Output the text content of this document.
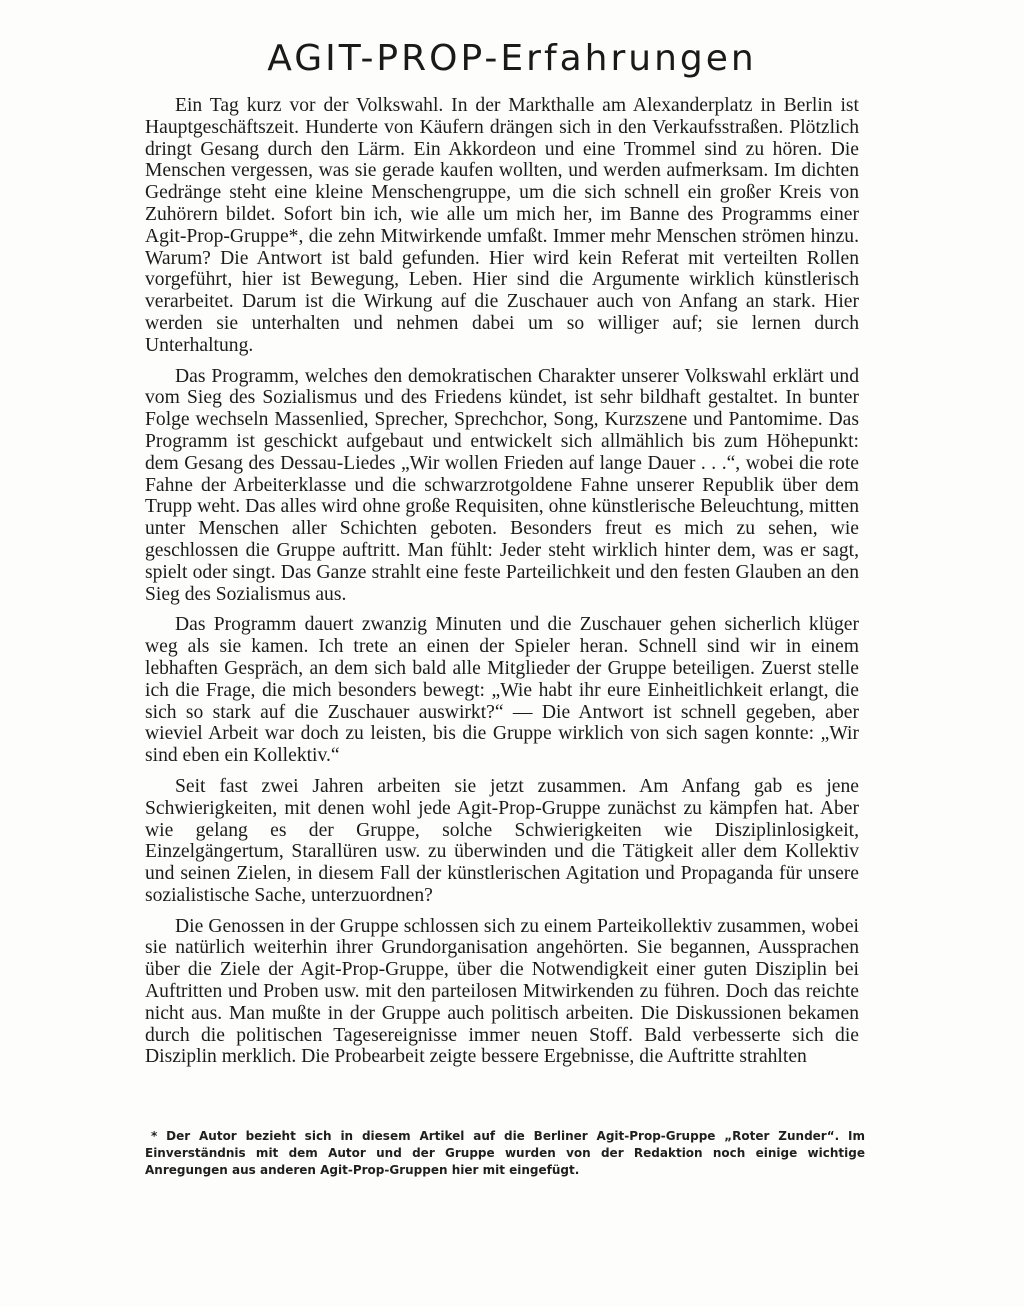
AGIT-PROP-Erfahrungen

Ein Tag kurz vor der Volkswahl. In der Markthalle am Alexanderplatz in Berlin ist Hauptgeschäftszeit. Hunderte von Käufern drängen sich in den Verkaufsstraßen. Plötzlich dringt Gesang durch den Lärm. Ein Akkordeon und eine Trommel sind zu hören. Die Menschen vergessen, was sie gerade kaufen wollten, und werden aufmerksam. Im dichten Gedränge steht eine kleine Menschengruppe, um die sich schnell ein großer Kreis von Zuhörern bildet. Sofort bin ich, wie alle um mich her, im Banne des Programms einer Agit-Prop-Gruppe*, die zehn Mitwirkende umfaßt. Immer mehr Menschen strömen hinzu. Warum? Die Antwort ist bald gefunden. Hier wird kein Referat mit verteilten Rollen vorgeführt, hier ist Bewegung, Leben. Hier sind die Argumente wirklich künstlerisch verarbeitet. Darum ist die Wirkung auf die Zuschauer auch von Anfang an stark. Hier werden sie unterhalten und nehmen dabei um so williger auf; sie lernen durch Unterhaltung.

Das Programm, welches den demokratischen Charakter unserer Volkswahl erklärt und vom Sieg des Sozialismus und des Friedens kündet, ist sehr bildhaft gestaltet. In bunter Folge wechseln Massenlied, Sprecher, Sprechchor, Song, Kurzszene und Pantomime. Das Programm ist geschickt aufgebaut und entwickelt sich allmählich bis zum Höhepunkt: dem Gesang des Dessau-Liedes „Wir wollen Frieden auf lange Dauer . . .“, wobei die rote Fahne der Arbeiterklasse und die schwarzrotgoldene Fahne unserer Republik über dem Trupp weht. Das alles wird ohne große Requisiten, ohne künstlerische Beleuchtung, mitten unter Menschen aller Schichten geboten. Besonders freut es mich zu sehen, wie geschlossen die Gruppe auftritt. Man fühlt: Jeder steht wirklich hinter dem, was er sagt, spielt oder singt. Das Ganze strahlt eine feste Parteilichkeit und den festen Glauben an den Sieg des Sozialismus aus.

Das Programm dauert zwanzig Minuten und die Zuschauer gehen sicherlich klüger weg als sie kamen. Ich trete an einen der Spieler heran. Schnell sind wir in einem lebhaften Gespräch, an dem sich bald alle Mitglieder der Gruppe beteiligen. Zuerst stelle ich die Frage, die mich besonders bewegt: „Wie habt ihr eure Einheitlichkeit erlangt, die sich so stark auf die Zuschauer auswirkt?“ — Die Antwort ist schnell gegeben, aber wieviel Arbeit war doch zu leisten, bis die Gruppe wirklich von sich sagen konnte: „Wir sind eben ein Kollektiv.“

Seit fast zwei Jahren arbeiten sie jetzt zusammen. Am Anfang gab es jene Schwierigkeiten, mit denen wohl jede Agit-Prop-Gruppe zunächst zu kämpfen hat. Aber wie gelang es der Gruppe, solche Schwierigkeiten wie Disziplinlosigkeit, Einzelgängertum, Starallüren usw. zu überwinden und die Tätigkeit aller dem Kollektiv und seinen Zielen, in diesem Fall der künstlerischen Agitation und Propaganda für unsere sozialistische Sache, unterzuordnen?

Die Genossen in der Gruppe schlossen sich zu einem Parteikollektiv zusammen, wobei sie natürlich weiterhin ihrer Grundorganisation angehörten. Sie begannen, Aussprachen über die Ziele der Agit-Prop-Gruppe, über die Notwendigkeit einer guten Disziplin bei Auftritten und Proben usw. mit den parteilosen Mitwirkenden zu führen. Doch das reichte nicht aus. Man mußte in der Gruppe auch politisch arbeiten. Die Diskussionen bekamen durch die politischen Tagesereignisse immer neuen Stoff. Bald verbesserte sich die Disziplin merklich. Die Probearbeit zeigte bessere Ergebnisse, die Auftritte strahlten

* Der Autor bezieht sich in diesem Artikel auf die Berliner Agit-Prop-Gruppe „Roter Zunder“. Im Einverständnis mit dem Autor und der Gruppe wurden von der Redaktion noch einige wichtige Anregungen aus anderen Agit-Prop-Gruppen hier mit eingefügt.
